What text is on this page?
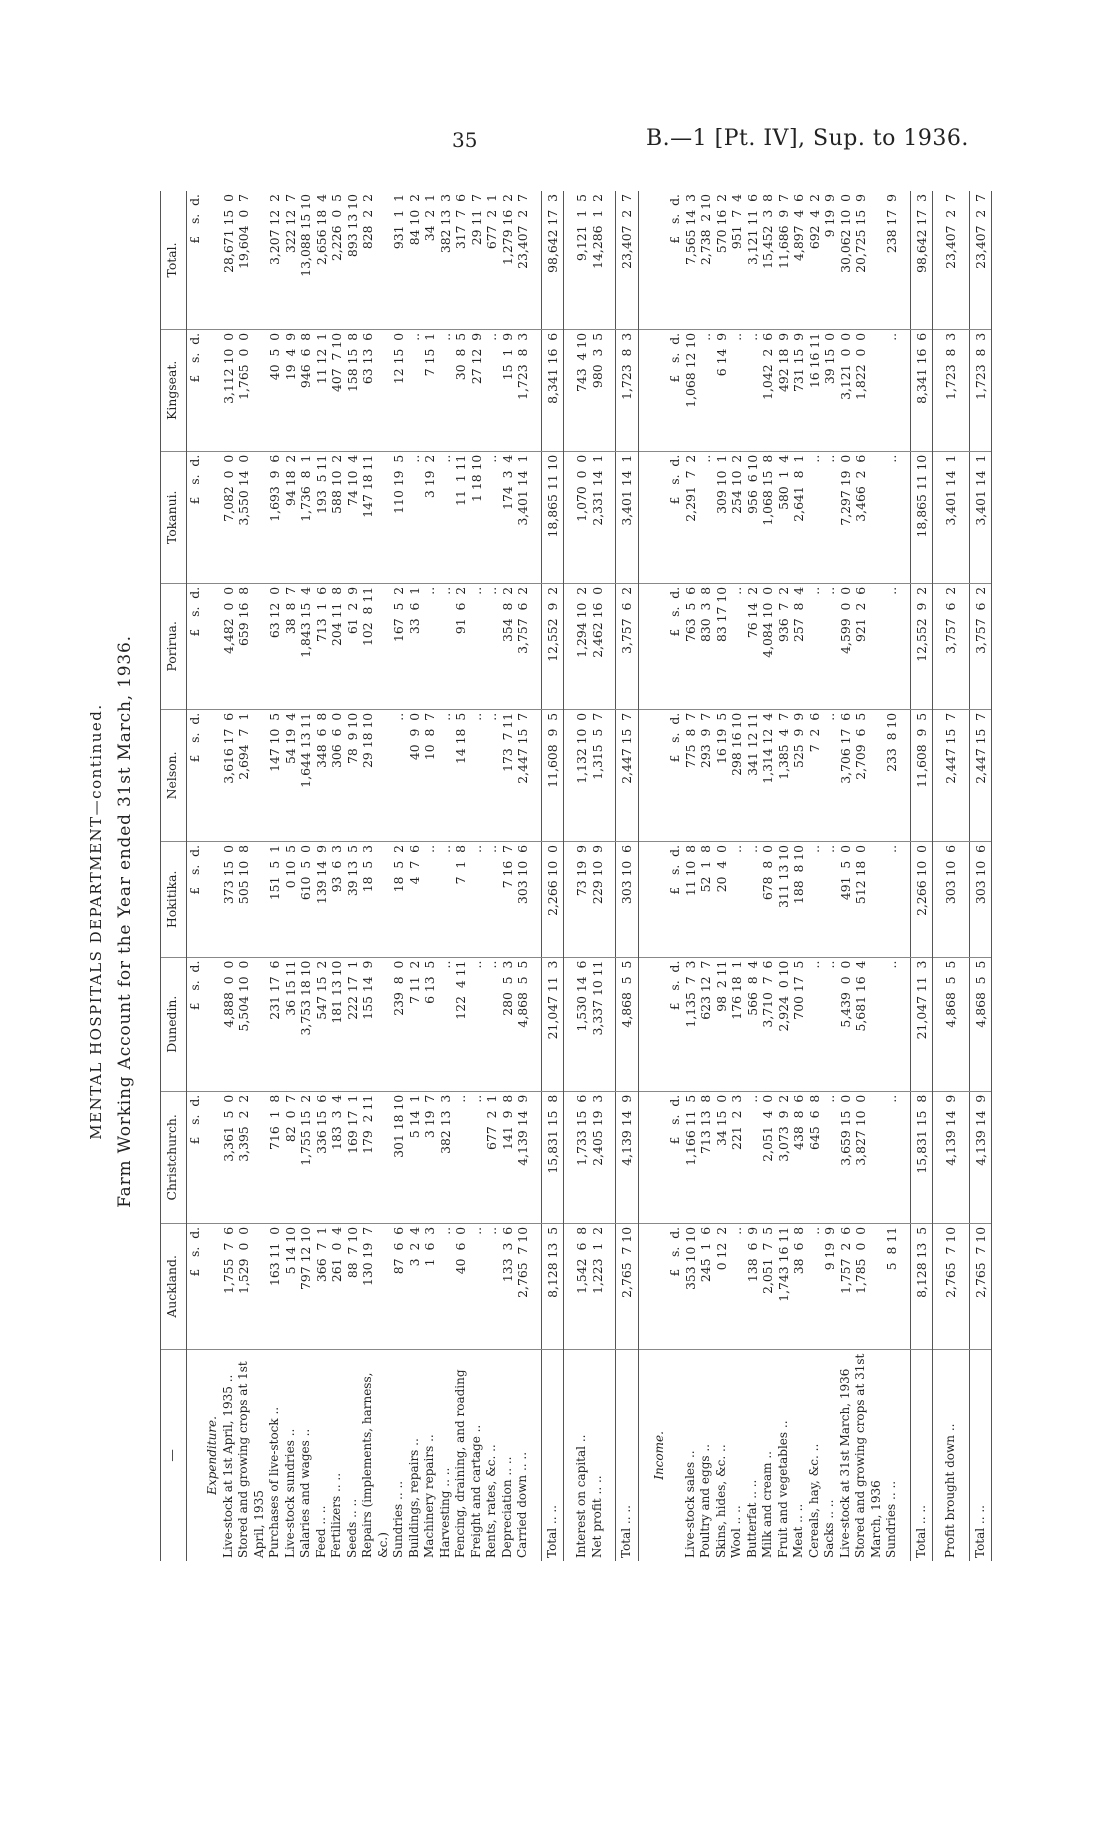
35	B.—1 [Pt. IV], Sup. to 1936.
MENTAL HOSPITALS DEPARTMENT—continued. Farm Working Account for the Year ended 31st March, 1936.
—	Auckland.	Christchurch.	Dunedin.	Hokitika.	Nelson.	Porirua.	Tokanui.	Kingseat.	Total.
	£   s.  d.	£   s.  d.	£   s.  d.	£   s.  d.	£   s.  d.	£   s.  d.	£   s.  d.	£   s.  d.	£   s.  d.
Expenditure.									
Live-stock at 1st April, 1935 ..	1,755  7  6	3,361  5  0	4,888  0  0	373 15  0	3,616 17  6	4,482  0  0	7,082  0  0	3,112 10  0	28,671 15  0
Stored and growing crops at 1st April, 1935	1,529  0  0	3,395  2  2	5,504 10  0	505 10  8	2,694  7  1	659 16  8	3,550 14  0	1,765  0  0	19,604  0  7
Purchases of live-stock ..	163 11  0	716  1  8	231 17  6	151  5  1	147 10  5	63 12  0	1,693  9  6	40  5  0	3,207 12  2
Live-stock sundries ..	5 14 10	82  0  7	36 15 11	0 10  5	54 19  4	38  8  7	94 18  2	19  4  9	322 12  7
Salaries and wages ..	797 12 10	1,755 15  2	3,753 18 10	610  5  0	1,644 13 11	1,843 15  4	1,736  8  1	946  6  8	13,088 15 10
Feed .. ..	366  7  1	336 15  6	547 15  2	139 14  9	348  6  8	713  1  6	193  5 11	11 12  1	2,656 18  4
Fertilizers .. ..	261  0  4	183  3  4	181 13 10	93  6  3	306  6  0	204 11  8	588 10  2	407  7 10	2,226  0  5
Seeds .. ..	88  7 10	169 17  1	222 17  1	39 13  5	78  9 10	61  2  9	74 10  4	158 15  8	893 13 10
Repairs (implements, harness, &c.)	130 19  7	179  2 11	155 14  9	18  5  3	29 18 10	102  8 11	147 18 11	63 13  6	828  2  2
Sundries .. ..	87  6  6	301 18 10	239  8  0	18  5  2	..	167  5  2	110 19  5	12 15  0	931  1  1
Buildings, repairs ..	3  2  4	5 14  1	7 11  2	4  7  6	40  9  0	33  6  1	..	..	84 10  2
Machinery repairs ..	1  6  3	3 19  7	6 13  5	..	10  8  7	..	3 19  2	7 15  1	34  2  1
Harvesting .. ..	..	382 13  3	..	..	..	..	..	..	382 13  3
Fencing, draining, and roading	40  6  0	..	122  4 11	7  1  8	14 18  5	91  6  2	11  1 11	30  8  5	317  7  6
Freight and cartage ..	..	..	..	..	..	..	1 18 10	27 12  9	29 11  7
Rents, rates, &c. ..	..	677  2  1	..	..	..	..	..	..	677  2  1
Depreciation .. ..	133  3  6	141  9  8	280  5  3	7 16  7	173  7 11	354  8  2	174  3  4	15  1  9	1,279 16  2
Carried down .. ..	2,765  7 10	4,139 14  9	4,868  5  5	303 10  6	2,447 15  7	3,757  6  2	3,401 14  1	1,723  8  3	23,407  2  7

Total .. ..	8,128 13  5	15,831 15  8	21,047 11  3	2,266 10  0	11,608  9  5	12,552  9  2	18,865 11 10	8,341 16  6	98,642 17  3

Interest on capital ..	1,542  6  8	1,733 15  6	1,530 14  6	73 19  9	1,132 10  0	1,294 10  2	1,070  0  0	743  4 10	9,121  1  5
Net profit .. ..	1,223  1  2	2,405 19  3	3,337 10 11	229 10  9	1,315  5  7	2,462 16  0	2,331 14  1	980  3  5	14,286  1  2

Total .. ..	2,765  7 10	4,139 14  9	4,868  5  5	303 10  6	2,447 15  7	3,757  6  2	3,401 14  1	1,723  8  3	23,407  2  7

Income.									
	£   s.  d.	£   s.  d.	£   s.  d.	£   s.  d.	£   s.  d.	£   s.  d.	£   s.  d.	£   s.  d.	£   s.  d.
Live-stock sales ..	353 10 10	1,166 11  5	1,135  7  3	11 10  8	775  8  7	763  5  6	2,291  7  2	1,068 12 10	7,565 14  3
Poultry and eggs ..	245  1  6	713 13  8	623 12  7	52  1  8	293  9  7	830  3  8	..	..	2,738  2 10
Skins, hides, &c. ..	0 12  2	34 15  0	98  2 11	20  4  0	16 19  5	83 17 10	309 10  1	6 14  9	570 16  2
Wool .. ..	..	221  2  3	176 18  1	..	298 16 10	..	254 10  2	..	951  7  4
Butterfat .. ..	138  6  9	..	566  8  4	..	341 12 11	76 14  2	956  6 10	..	3,121 11  6
Milk and cream ..	2,051  7  5	2,051  4  0	3,710  7  6	678  8  0	1,314 12  4	4,084 10  0	1,068 15  8	1,042  2  6	15,452  3  8
Fruit and vegetables ..	1,743 16 11	3,073  9  2	2,924  0 10	311 13 10	1,385  4  7	936  7  2	580  1  4	492 18  9	11,686  9  7
Meat .. ..	38  6  8	438  8  6	700 17  5	188  8 10	525  9  9	257  8  4	2,641  8  1	731 15  9	4,897  4  6
Cereals, hay, &c. ..	..	645  6  8	..	..	7  2  6	..	..	16 16 11	692  4  2
Sacks .. ..	9 19  9	..	..	..	..	..	..	39 15  0	9 19  9
Live-stock at 31st March, 1936	1,757  2  6	3,659 15  0	5,439  0  0	491  5  0	3,706 17  6	4,599  0  0	7,297 19  0	3,121  0  0	30,062 10  0
Stored and growing crops at 31st March, 1936	1,785  0  0	3,827 10  0	5,681 16  4	512 18  0	2,709  6  5	921  2  6	3,466  2  6	1,822  0  0	20,725 15  9
Sundries .. ..	5  8 11	..	..	..	233  8 10	..	..	..	238 17  9

Total .. ..	8,128 13  5	15,831 15  8	21,047 11  3	2,266 10  0	11,608  9  5	12,552  9  2	18,865 11 10	8,341 16  6	98,642 17  3

Profit brought down ..	2,765  7 10	4,139 14  9	4,868  5  5	303 10  6	2,447 15  7	3,757  6  2	3,401 14  1	1,723  8  3	23,407  2  7

Total .. ..	2,765  7 10	4,139 14  9	4,868  5  5	303 10  6	2,447 15  7	3,757  6  2	3,401 14  1	1,723  8  3	23,407  2  7
